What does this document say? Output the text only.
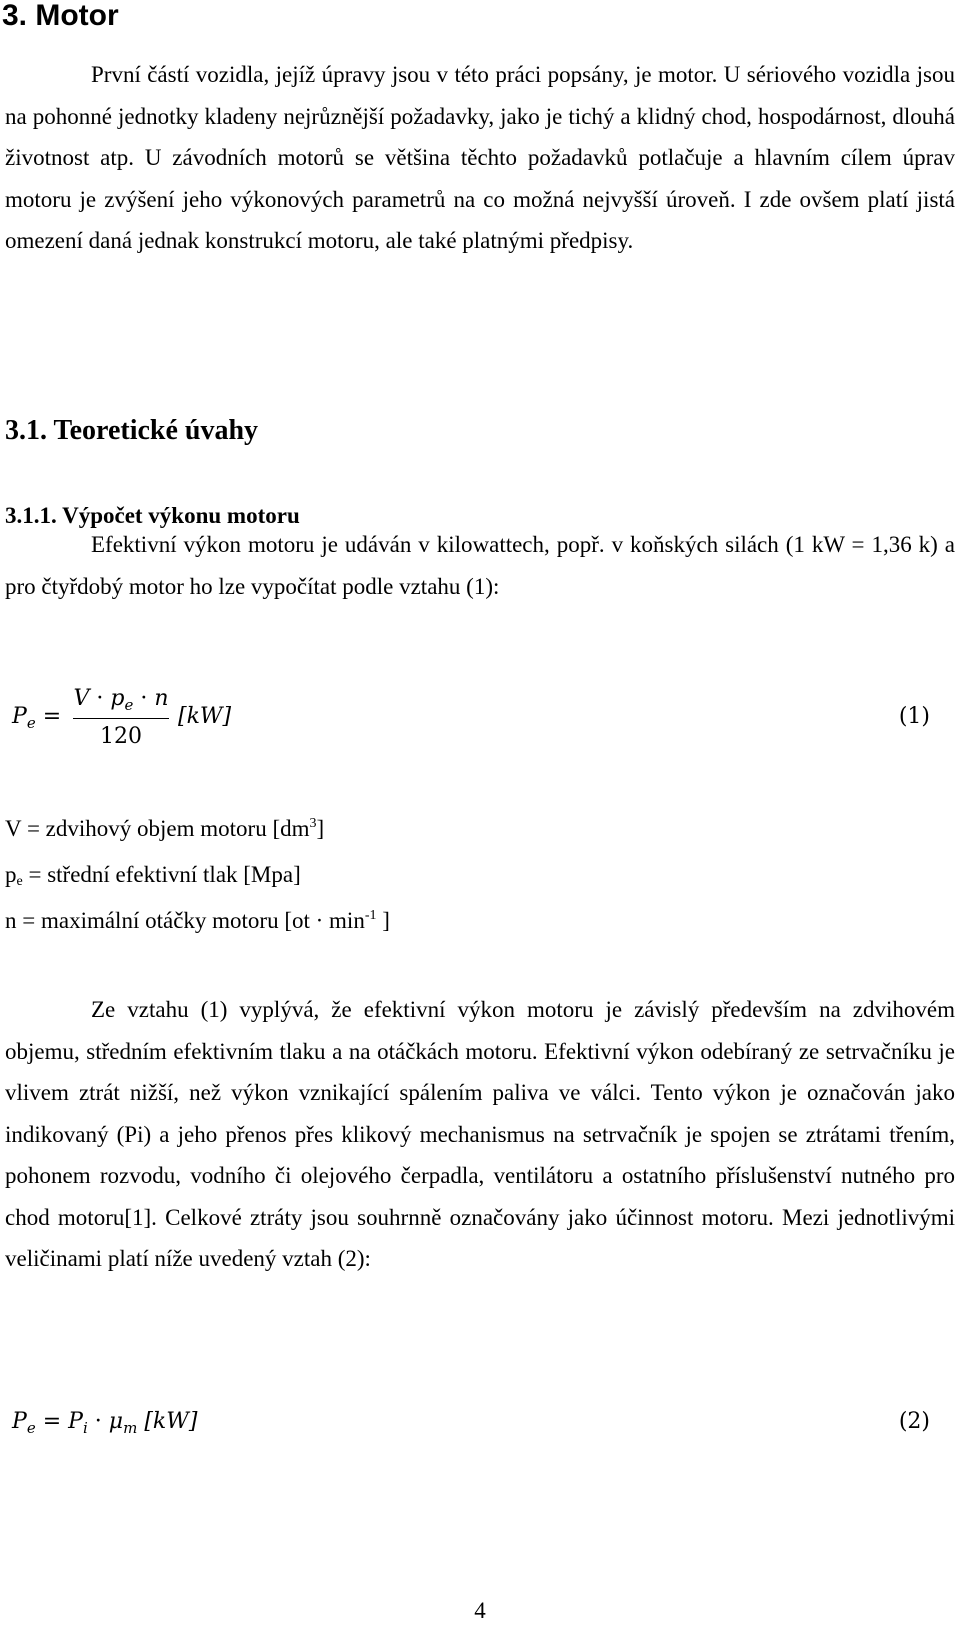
3. Motor

První částí vozidla, jejíž úpravy jsou v této práci popsány, je motor. U sériového vozidla jsou na pohonné jednotky kladeny nejrůznější požadavky, jako je tichý a klidný chod, hospodárnost, dlouhá životnost atp. U závodních motorů se většina těchto požadavků potlačuje a hlavním cílem úprav motoru je zvýšení jeho výkonových parametrů na co možná nejvyšší úroveň. I zde ovšem platí jistá omezení daná jednak konstrukcí motoru, ale také platnými předpisy.

3.1. Teoretické úvahy
3.1.1. Výpočet výkonu motoru

Efektivní výkon motoru je udáván v kilowattech, popř. v koňských silách (1 kW = 1,36 k) a pro čtyřdobý motor ho lze vypočítat podle vztahu (1):

$P_e$ =
$V \cdot p_e \cdot n$
120
[kW]	(1)
V = zdvihový objem motoru $[dm^3]$
$p_e$ = střední efektivní tlak [Mpa]
n = maximální otáčky motoru [$ot \cdot \min^{-1}$ ]

Ze vztahu (1) vyplývá, že efektivní výkon motoru je závislý především na zdvihovém objemu, středním efektivním tlaku a na otáčkách motoru. Efektivní výkon odebíraný ze setrvačníku je vlivem ztrát nižší, než výkon vznikající spálením paliva ve válci. Tento výkon je označován jako indikovaný (Pi) a jeho přenos přes klikový mechanismus na setrvačník je spojen se ztrátami třením, pohonem rozvodu, vodního či olejového čerpadla, ventilátoru a ostatního příslušenství nutného pro chod motoru[1]. Celkové ztráty jsou souhrnně označovány jako účinnost motoru. Mezi jednotlivými veličinami platí níže uvedený vztah (2):

$P_e = P_i \cdot \mu_m$ [kW]	(2)
4
